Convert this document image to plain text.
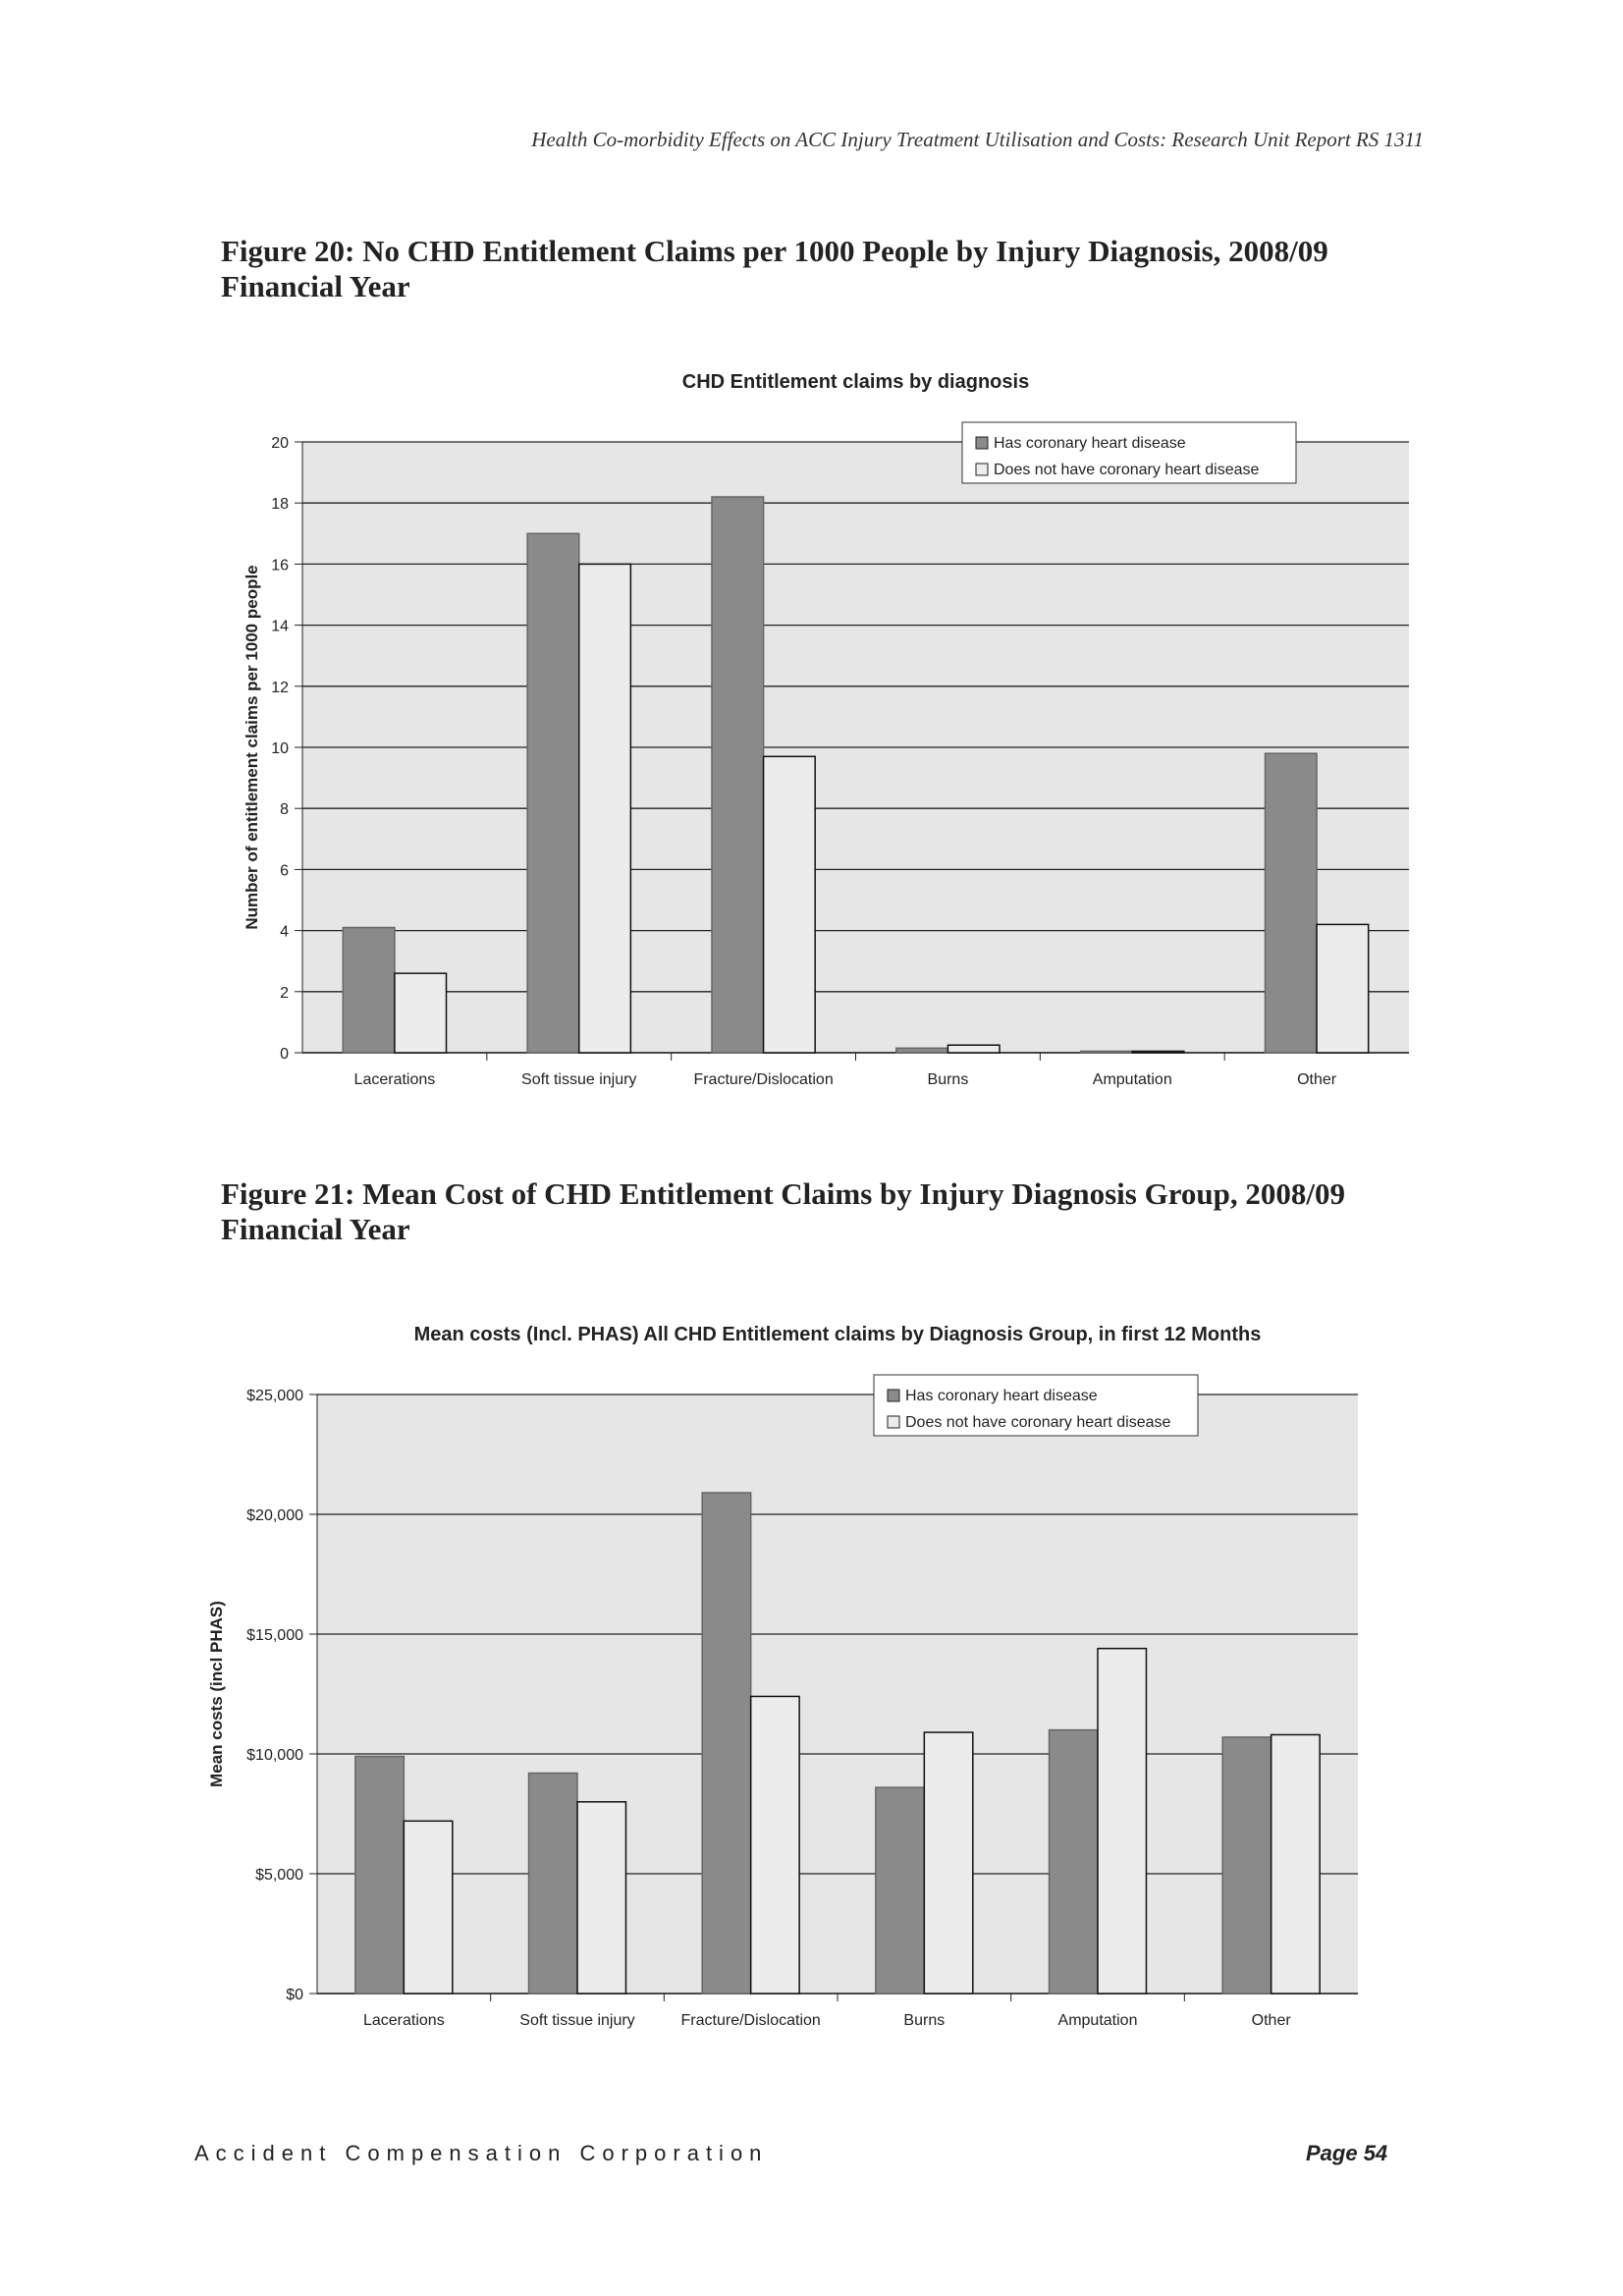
Health Co-morbidity Effects on ACC Injury Treatment Utilisation and Costs: Research Unit Report RS 1311
Figure 20: No CHD Entitlement Claims per 1000 People by Injury Diagnosis, 2008/09 Financial Year
CHD Entitlement claims by diagnosis
0
2
4
6
8
10
12
14
16
18
20
Number of entitlement claims per 1000 people
Lacerations	Soft tissue injury	Fracture/Dislocation	Burns	Amputation	Other
Has coronary heart disease
Does not have coronary heart disease
Figure 21: Mean Cost of CHD Entitlement Claims by Injury Diagnosis Group, 2008/09 Financial Year
Mean costs (Incl. PHAS) All CHD Entitlement claims by Diagnosis Group, in first 12 Months
$0
$5,000
$10,000
$15,000
$20,000
$25,000
Mean costs (incl PHAS)
Lacerations	Soft tissue injury	Fracture/Dislocation	Burns	Amputation	Other
Has coronary heart disease
Does not have coronary heart disease
Accident Compensation Corporation	Page 54
